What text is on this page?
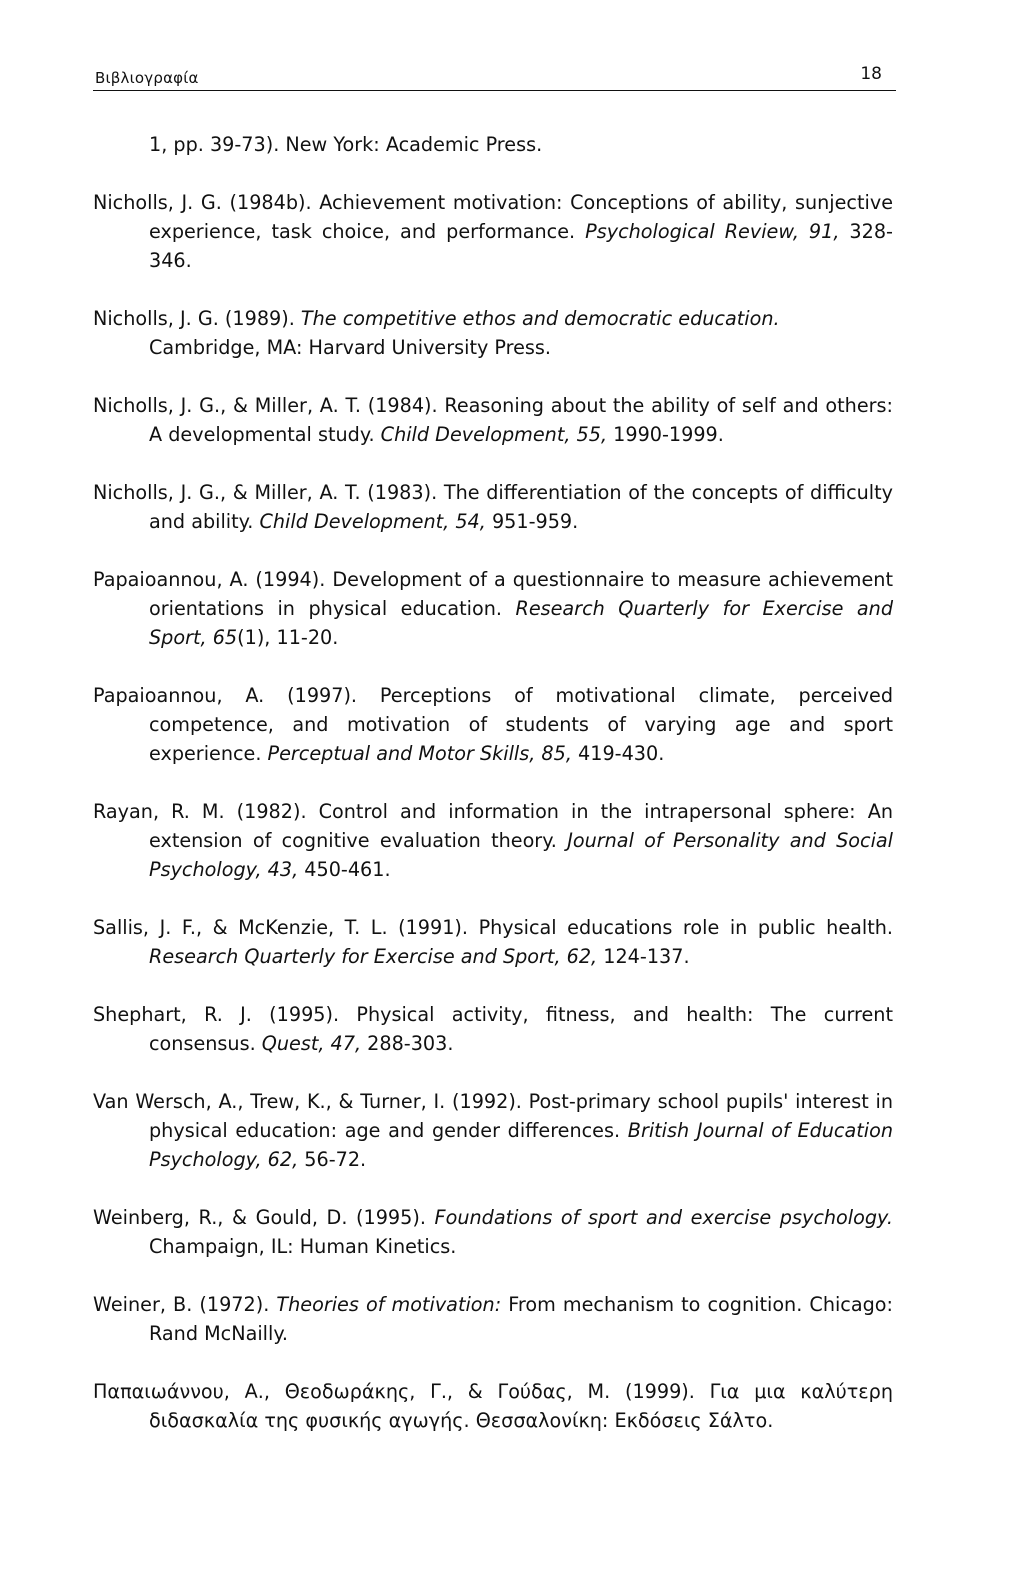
Βιβλιογραφία	18

1, pp. 39-73). New York: Academic Press.

Nicholls, J. G. (1984b). Achievement motivation: Conceptions of ability, sunjective experience, task choice, and performance. Psychological Review, 91, 328-346.

Nicholls, J. G. (1989). The competitive ethos and democratic education. Cambridge, MA: Harvard University Press.

Nicholls, J. G., & Miller, A. T. (1984). Reasoning about the ability of self and others: A developmental study. Child Development, 55, 1990-1999.

Nicholls, J. G., & Miller, A. T. (1983). The differentiation of the concepts of difficulty and ability. Child Development, 54, 951-959.

Papaioannou, A. (1994). Development of a questionnaire to measure achievement orientations in physical education. Research Quarterly for Exercise and Sport, 65(1), 11-20.

Papaioannou, A. (1997). Perceptions of motivational climate, perceived competence, and motivation of students of varying age and sport experience. Perceptual and Motor Skills, 85, 419-430.

Rayan, R. M. (1982). Control and information in the intrapersonal sphere: An extension of cognitive evaluation theory. Journal of Personality and Social Psychology, 43, 450-461.

Sallis, J. F., & McKenzie, T. L. (1991). Physical educations role in public health. Research Quarterly for Exercise and Sport, 62, 124-137.

Shephart, R. J. (1995). Physical activity, fitness, and health: The current consensus. Quest, 47, 288-303.

Van Wersch, A., Trew, K., & Turner, I. (1992). Post-primary school pupils' interest in physical education: age and gender differences. British Journal of Education Psychology, 62, 56-72.

Weinberg, R., & Gould, D. (1995). Foundations of sport and exercise psychology. Champaign, IL: Human Kinetics.

Weiner, B. (1972). Theories of motivation: From mechanism to cognition. Chicago: Rand McNailly.

Παπαιωάννου, Α., Θεοδωράκης, Γ., & Γούδας, Μ. (1999). Για μια καλύτερη διδασκαλία της φυσικής αγωγής. Θεσσαλονίκη: Εκδόσεις Σάλτο.
